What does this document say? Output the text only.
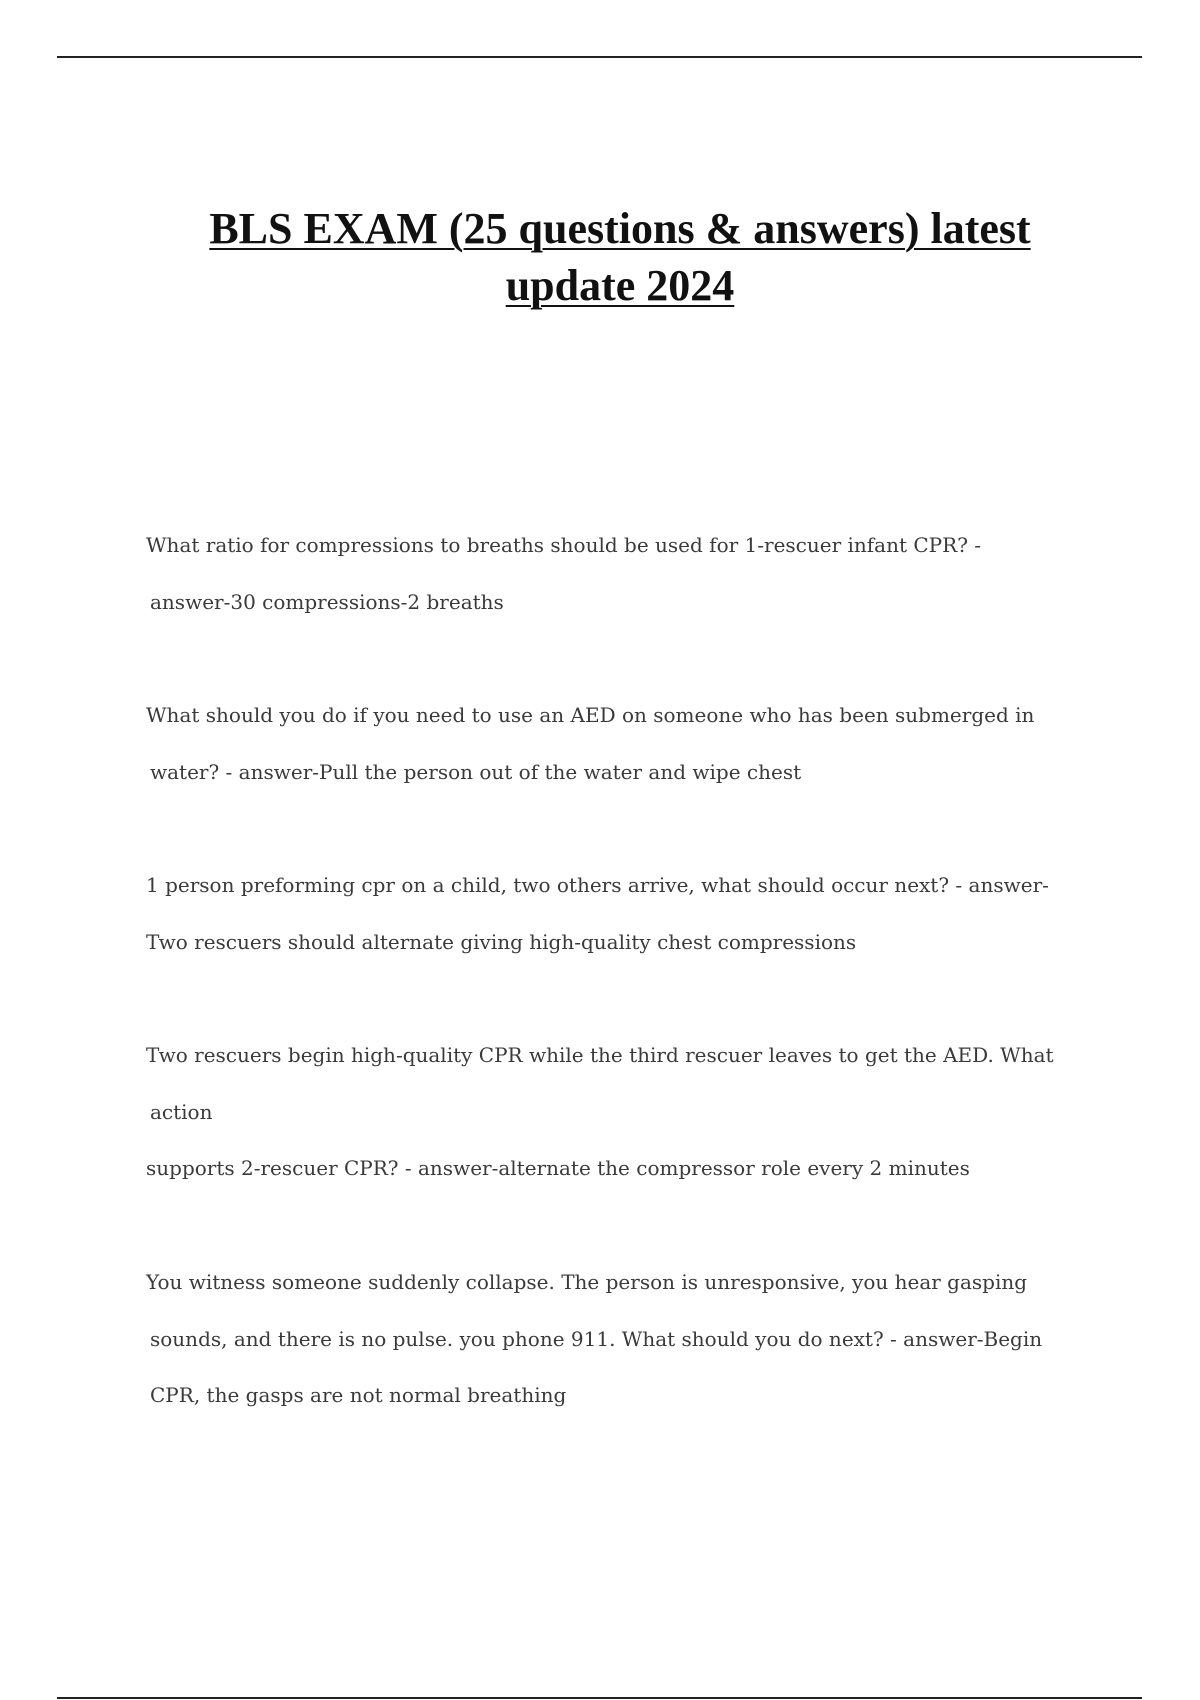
BLS EXAM (25 questions & answers) latest
update 2024
What ratio for compressions to breaths should be used for 1-rescuer infant CPR? -
answer-30 compressions-2 breaths
What should you do if you need to use an AED on someone who has been submerged in
water? - answer-Pull the person out of the water and wipe chest
1 person preforming cpr on a child, two others arrive, what should occur next? - answer-
Two rescuers should alternate giving high-quality chest compressions
Two rescuers begin high-quality CPR while the third rescuer leaves to get the AED. What
action
supports 2-rescuer CPR? - answer-alternate the compressor role every 2 minutes
You witness someone suddenly collapse. The person is unresponsive, you hear gasping
sounds, and there is no pulse. you phone 911. What should you do next? - answer-Begin
CPR, the gasps are not normal breathing
